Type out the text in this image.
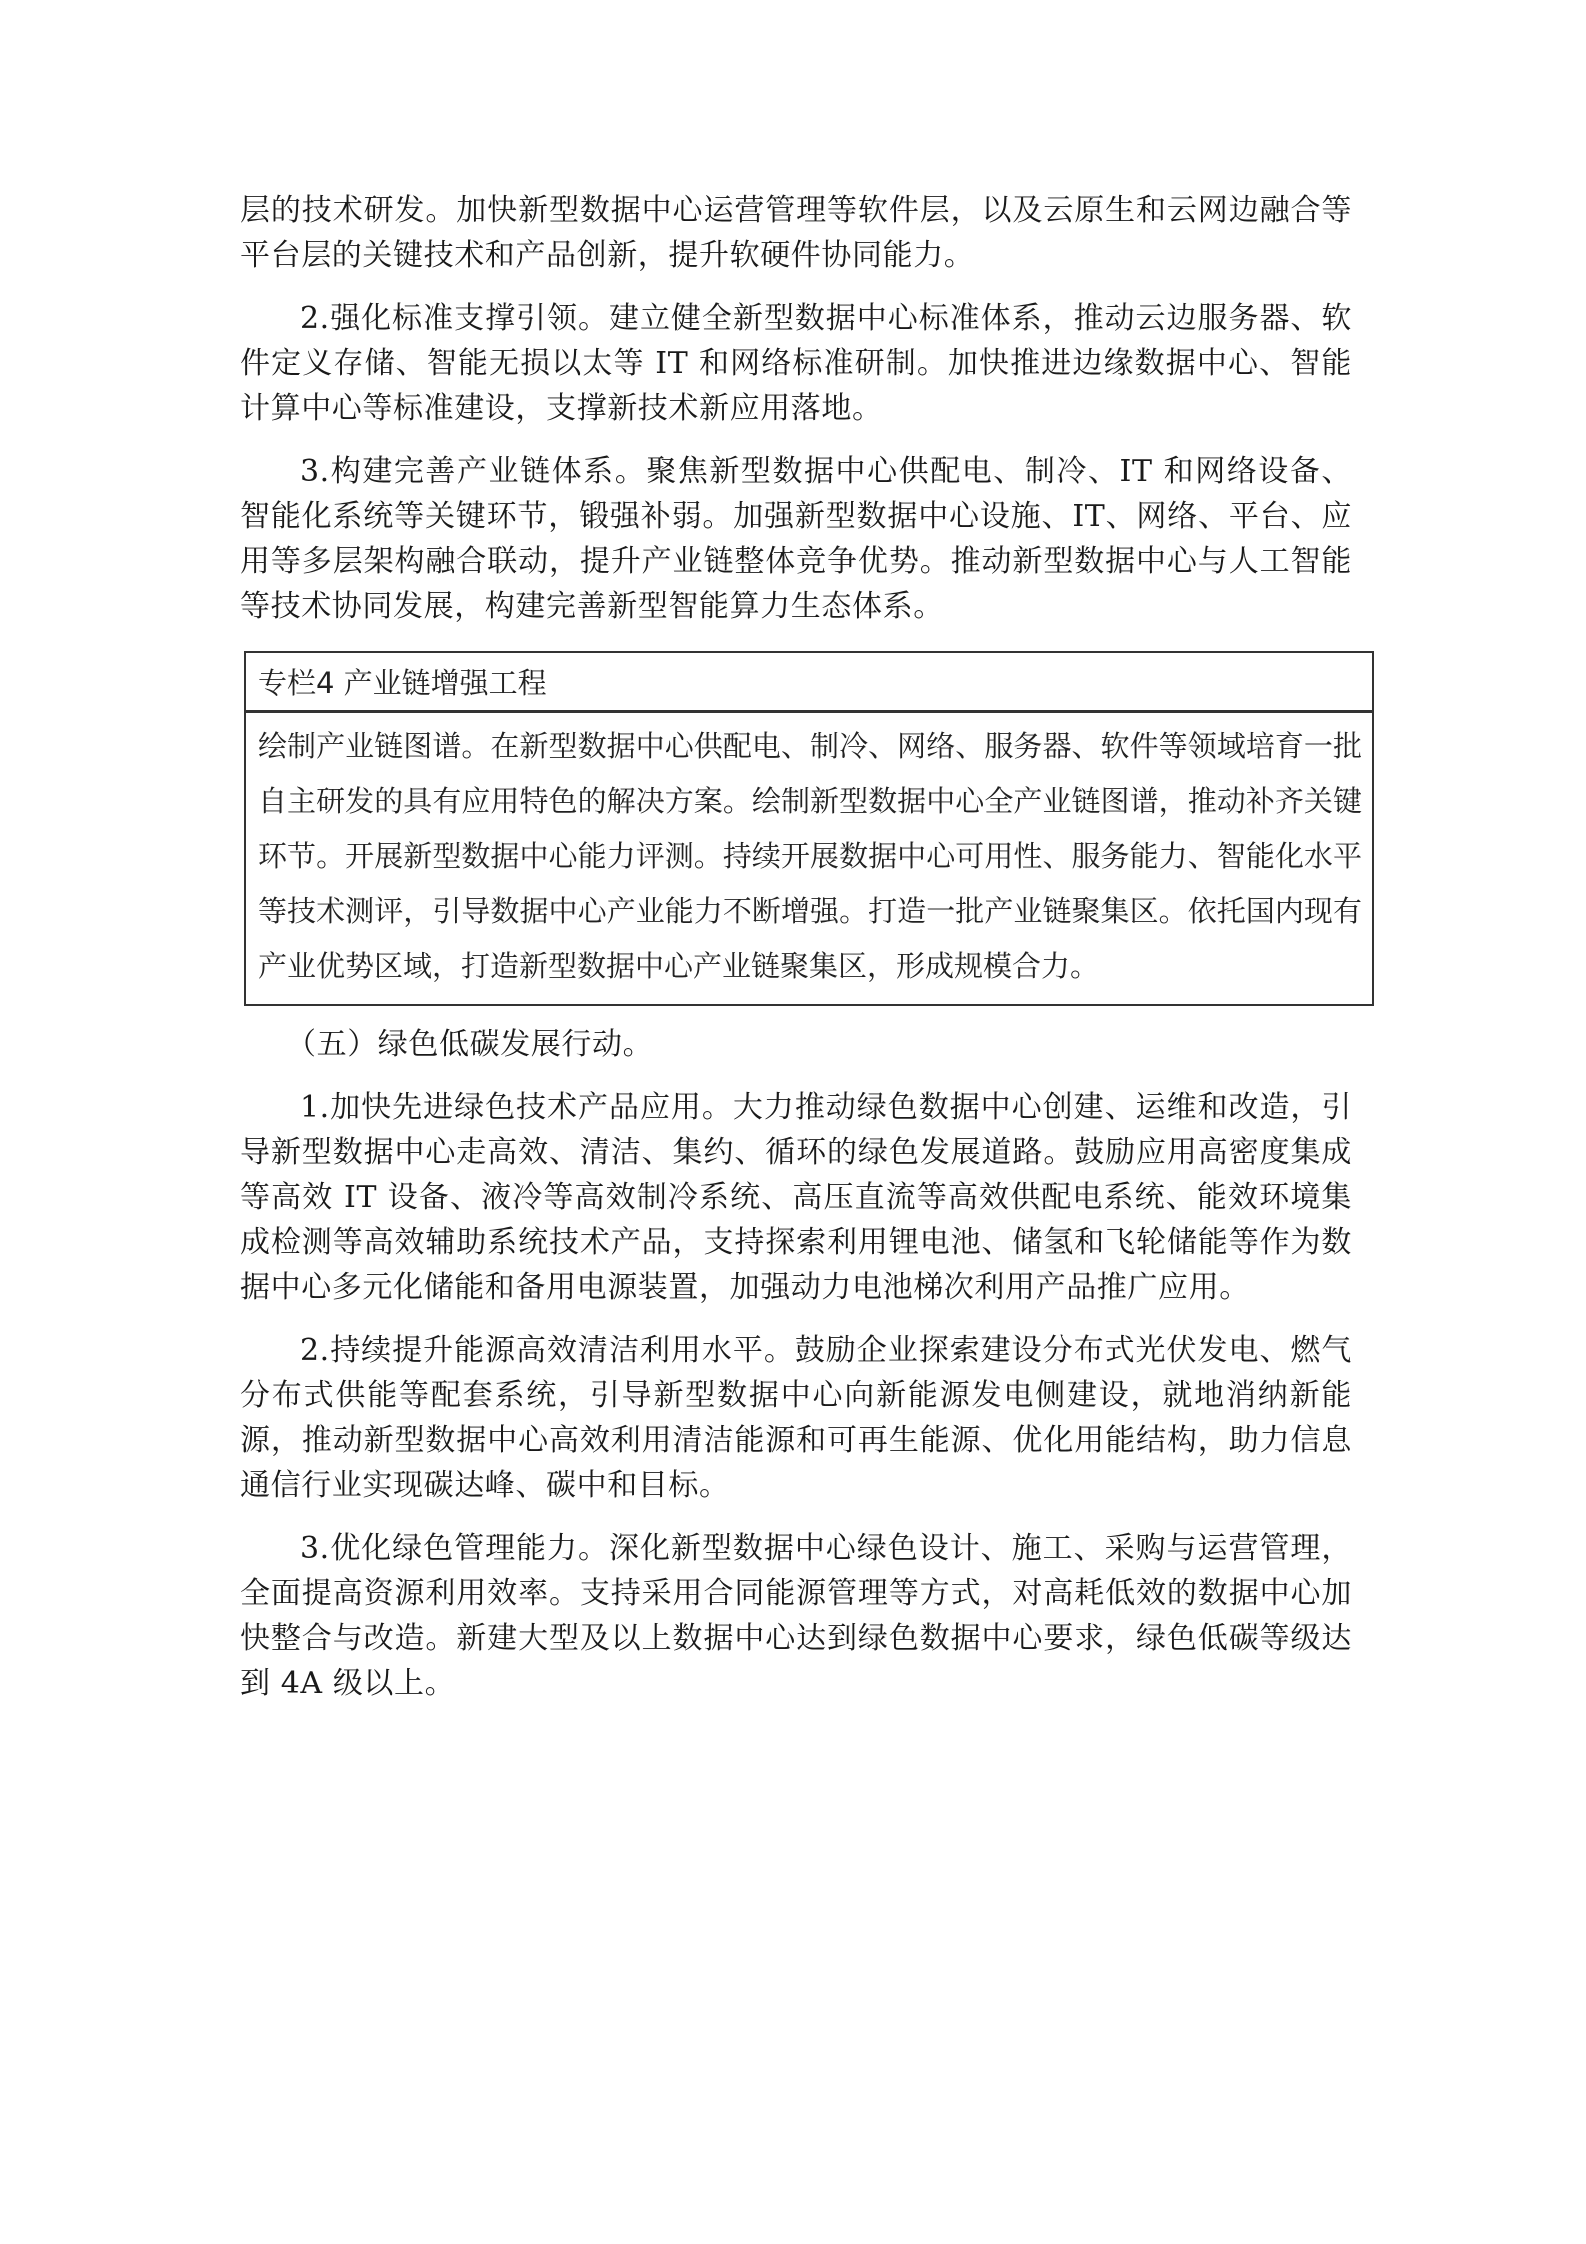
层的技术研发。加快新型数据中心运营管理等软件层，以及云原生和云网边融合等平台层的关键技术和产品创新，提升软硬件协同能力。

2.强化标准支撑引领。建立健全新型数据中心标准体系，推动云边服务器、软件定义存储、智能无损以太等 IT 和网络标准研制。加快推进边缘数据中心、智能计算中心等标准建设，支撑新技术新应用落地。

3.构建完善产业链体系。聚焦新型数据中心供配电、制冷、IT 和网络设备、智能化系统等关键环节，锻强补弱。加强新型数据中心设施、IT、网络、平台、应用等多层架构融合联动，提升产业链整体竞争优势。推动新型数据中心与人工智能等技术协同发展，构建完善新型智能算力生态体系。

专栏4 产业链增强工程
绘制产业链图谱。在新型数据中心供配电、制冷、网络、服务器、软件等领域培育一批自主研发的具有应用特色的解决方案。绘制新型数据中心全产业链图谱，推动补齐关键环节。开展新型数据中心能力评测。持续开展数据中心可用性、服务能力、智能化水平等技术测评，引导数据中心产业能力不断增强。打造一批产业链聚集区。依托国内现有产业优势区域，打造新型数据中心产业链聚集区，形成规模合力。

（五）绿色低碳发展行动。

1.加快先进绿色技术产品应用。大力推动绿色数据中心创建、运维和改造，引导新型数据中心走高效、清洁、集约、循环的绿色发展道路。鼓励应用高密度集成等高效 IT 设备、液冷等高效制冷系统、高压直流等高效供配电系统、能效环境集成检测等高效辅助系统技术产品，支持探索利用锂电池、储氢和飞轮储能等作为数据中心多元化储能和备用电源装置，加强动力电池梯次利用产品推广应用。

2.持续提升能源高效清洁利用水平。鼓励企业探索建设分布式光伏发电、燃气分布式供能等配套系统，引导新型数据中心向新能源发电侧建设，就地消纳新能源，推动新型数据中心高效利用清洁能源和可再生能源、优化用能结构，助力信息通信行业实现碳达峰、碳中和目标。

3.优化绿色管理能力。深化新型数据中心绿色设计、施工、采购与运营管理，全面提高资源利用效率。支持采用合同能源管理等方式，对高耗低效的数据中心加快整合与改造。新建大型及以上数据中心达到绿色数据中心要求，绿色低碳等级达到 4A 级以上。
